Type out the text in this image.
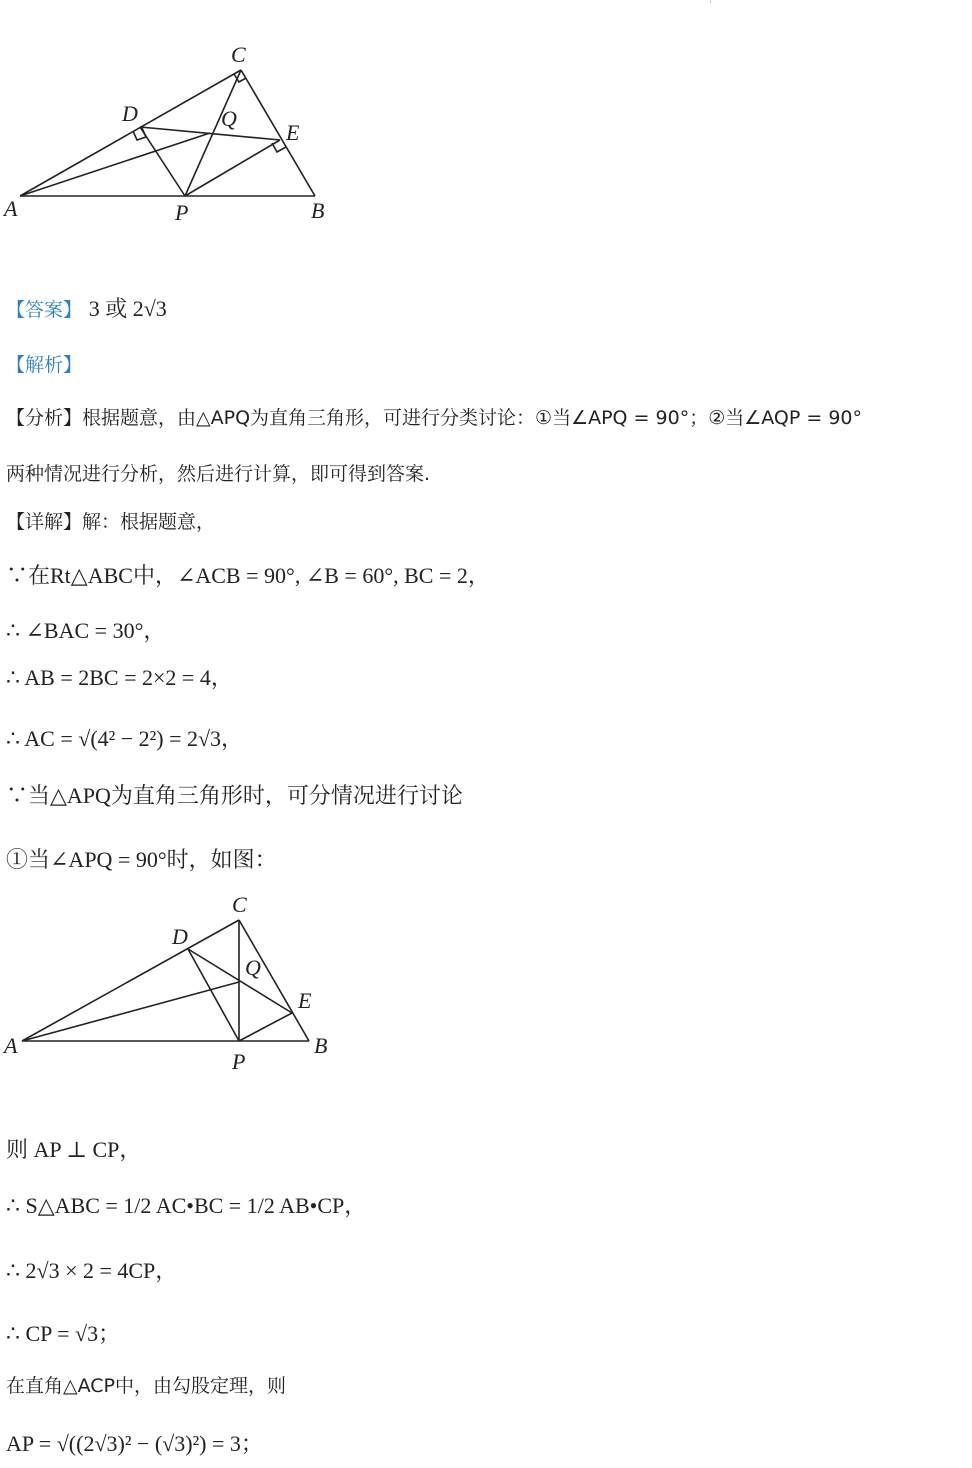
'
A	B
C
D
E
P
Q
【答案】 3 或 2√3
【解析】
【分析】根据题意，由△APQ为直角三角形，可进行分类讨论：①当∠APQ = 90°；②当∠AQP = 90°
两种情况进行分析，然后进行计算，即可得到答案.
【详解】解：根据题意，
∵在Rt△ABC中，∠ACB = 90°, ∠B = 60°, BC = 2，
∴ ∠BAC = 30°，
∴ AB = 2BC = 2×2 = 4，
∴ AC = √(4² − 2²) = 2√3，
∵当△APQ为直角三角形时，可分情况进行讨论
①当∠APQ = 90°时，如图：
A	B
C
D
E
P
Q
则 AP ⊥ CP，
∴ S△ABC = 1/2 AC•BC = 1/2 AB•CP，
∴ 2√3 × 2 = 4CP，
∴ CP = √3；
在直角△ACP中，由勾股定理，则
AP = √((2√3)² − (√3)²) = 3；
